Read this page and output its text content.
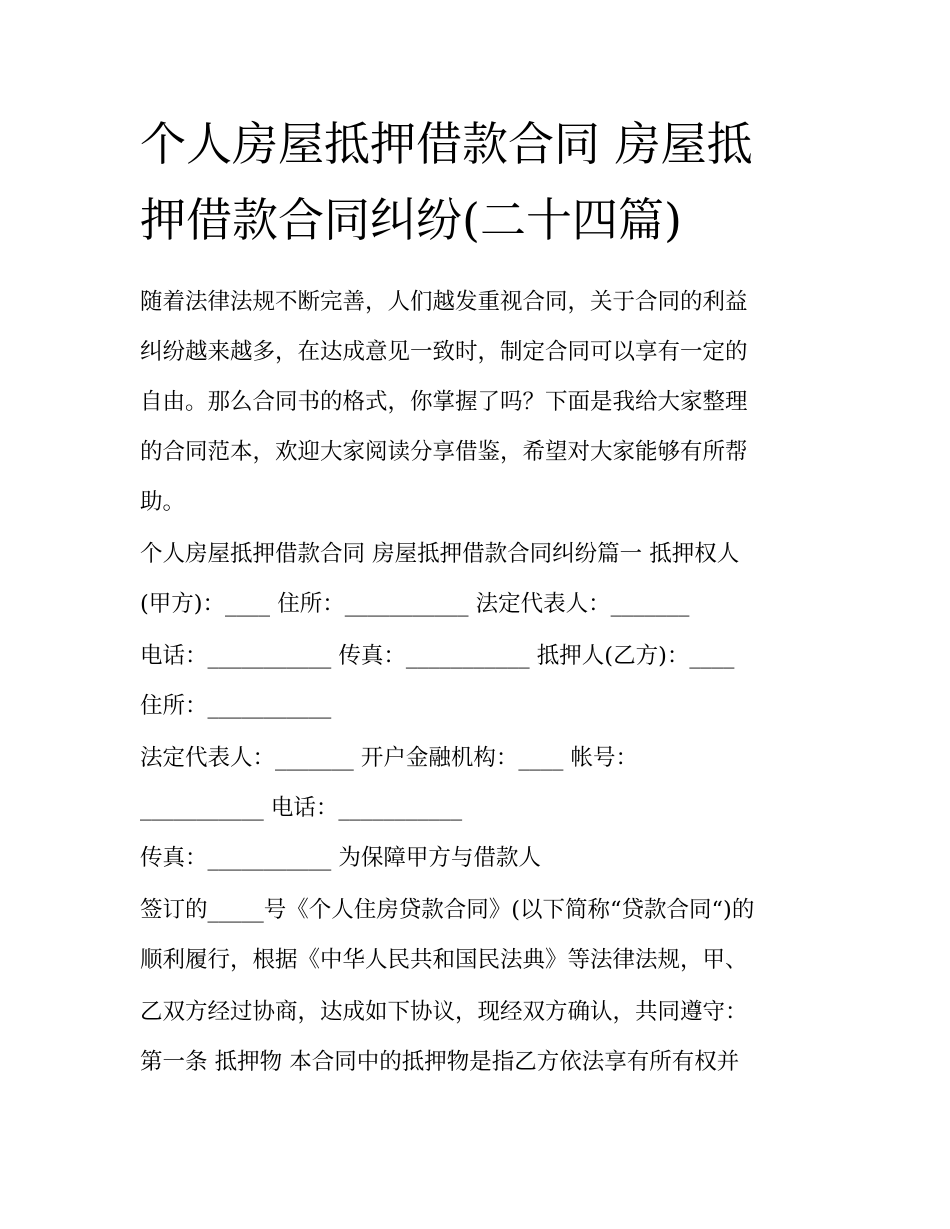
个人房屋抵押借款合同 房屋抵
押借款合同纠纷(二十四篇)

随着法律法规不断完善，人们越发重视合同，关于合同的利益

纠纷越来越多，在达成意见一致时，制定合同可以享有一定的

自由。那么合同书的格式，你掌握了吗？下面是我给大家整理

的合同范本，欢迎大家阅读分享借鉴，希望对大家能够有所帮

助。

个人房屋抵押借款合同 房屋抵押借款合同纠纷篇一 抵押权人

(甲方)：____ 住所：___________ 法定代表人：_______

电话：___________ 传真：___________ 抵押人(乙方)：____

住所：___________

法定代表人：_______ 开户金融机构：____ 帐号：

___________ 电话：___________

传真：___________ 为保障甲方与借款人

签订的_____号《个人住房贷款合同》(以下简称“贷款合同“)的

顺利履行，根据《中华人民共和国民法典》等法律法规，甲、

乙双方经过协商，达成如下协议，现经双方确认，共同遵守：

第一条 抵押物 本合同中的抵押物是指乙方依法享有所有权并
